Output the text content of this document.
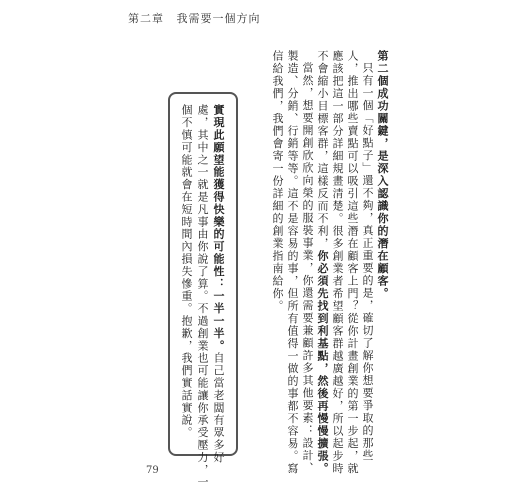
第二章 我需要一個方向
第二個成功關鍵，是深入認識你的潛在顧客。
只有一個「好點子」還不夠，真正重要的是，確切了解你想要爭取的那些
人，推出哪些賣點可以吸引這些潛在顧客上門？從你計畫創業的第一步起，就
應該把這一部分詳細規畫清楚。很多創業者希望顧客群越廣越好，所以起步時
不會縮小目標客群，這樣反而不利，你必須先找到利基點，然後再慢慢擴張。
當然，想要開創欣欣向榮的服裝事業，你還需要兼顧許多其他要素：設計、
製造、分銷、行銷等等。這不是容易的事，但所有值得一做的事都不容易。寫
信給我們，我們會寄一份詳細的創業指南給你。
實現此願望能獲得快樂的可能性：一半一半。自己當老闆有眾多好
處，其中之一就是凡事由你說了算。不過創業也可能讓你承受壓力，一
個不慎可能就會在短時間內損失慘重。抱歉，我們實話實說。
79
